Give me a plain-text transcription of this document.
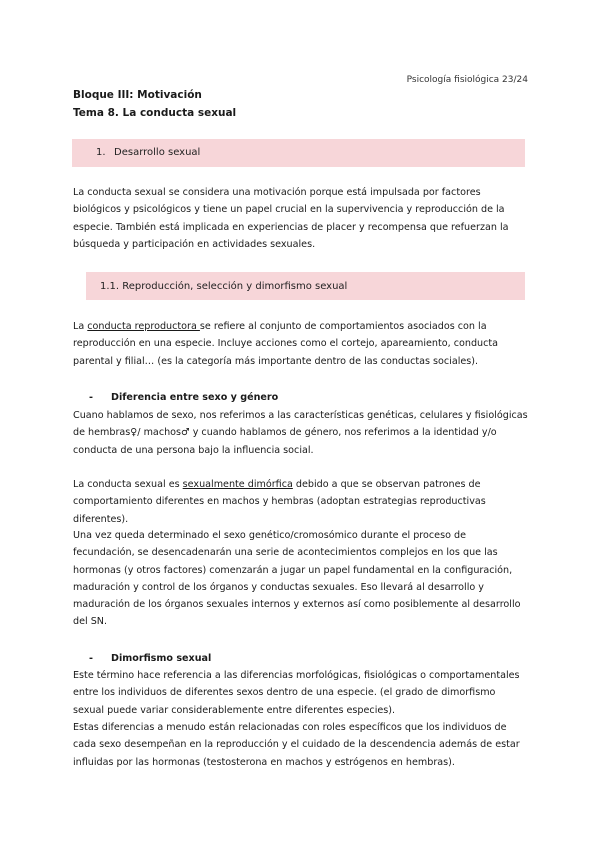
Psicología fisiológica 23/24
Bloque III: Motivación
Tema 8. La conducta sexual
1. Desarrollo sexual

La conducta sexual se considera una motivación porque está impulsada por factores biológicos y psicológicos y tiene un papel crucial en la supervivencia y reproducción de la especie. También está implicada en experiencias de placer y recompensa que refuerzan la búsqueda y participación en actividades sexuales.

1.1. Reproducción, selección y dimorfismo sexual

La conducta reproductora se refiere al conjunto de comportamientos asociados con la reproducción en una especie. Incluye acciones como el cortejo, apareamiento, conducta parental y filial… (es la categoría más importante dentro de las conductas sociales).

- Diferencia entre sexo y género

Cuano hablamos de sexo, nos referimos a las características genéticas, celulares y fisiológicas de hembras♀/ machos♂ y cuando hablamos de género, nos referimos a la identidad y/o conducta de una persona bajo la influencia social.

La conducta sexual es sexualmente dimórfica debido a que se observan patrones de comportamiento diferentes en machos y hembras (adoptan estrategias reproductivas diferentes).

Una vez queda determinado el sexo genético/cromosómico durante el proceso de fecundación, se desencadenarán una serie de acontecimientos complejos en los que las hormonas (y otros factores) comenzarán a jugar un papel fundamental en la configuración, maduración y control de los órganos y conductas sexuales. Eso llevará al desarrollo y maduración de los órganos sexuales internos y externos así como posiblemente al desarrollo del SN.

- Dimorfismo sexual

Este término hace referencia a las diferencias morfológicas, fisiológicas o comportamentales entre los individuos de diferentes sexos dentro de una especie. (el grado de dimorfismo sexual puede variar considerablemente entre diferentes especies).

Estas diferencias a menudo están relacionadas con roles específicos que los individuos de cada sexo desempeñan en la reproducción y el cuidado de la descendencia además de estar influidas por las hormonas (testosterona en machos y estrógenos en hembras).
